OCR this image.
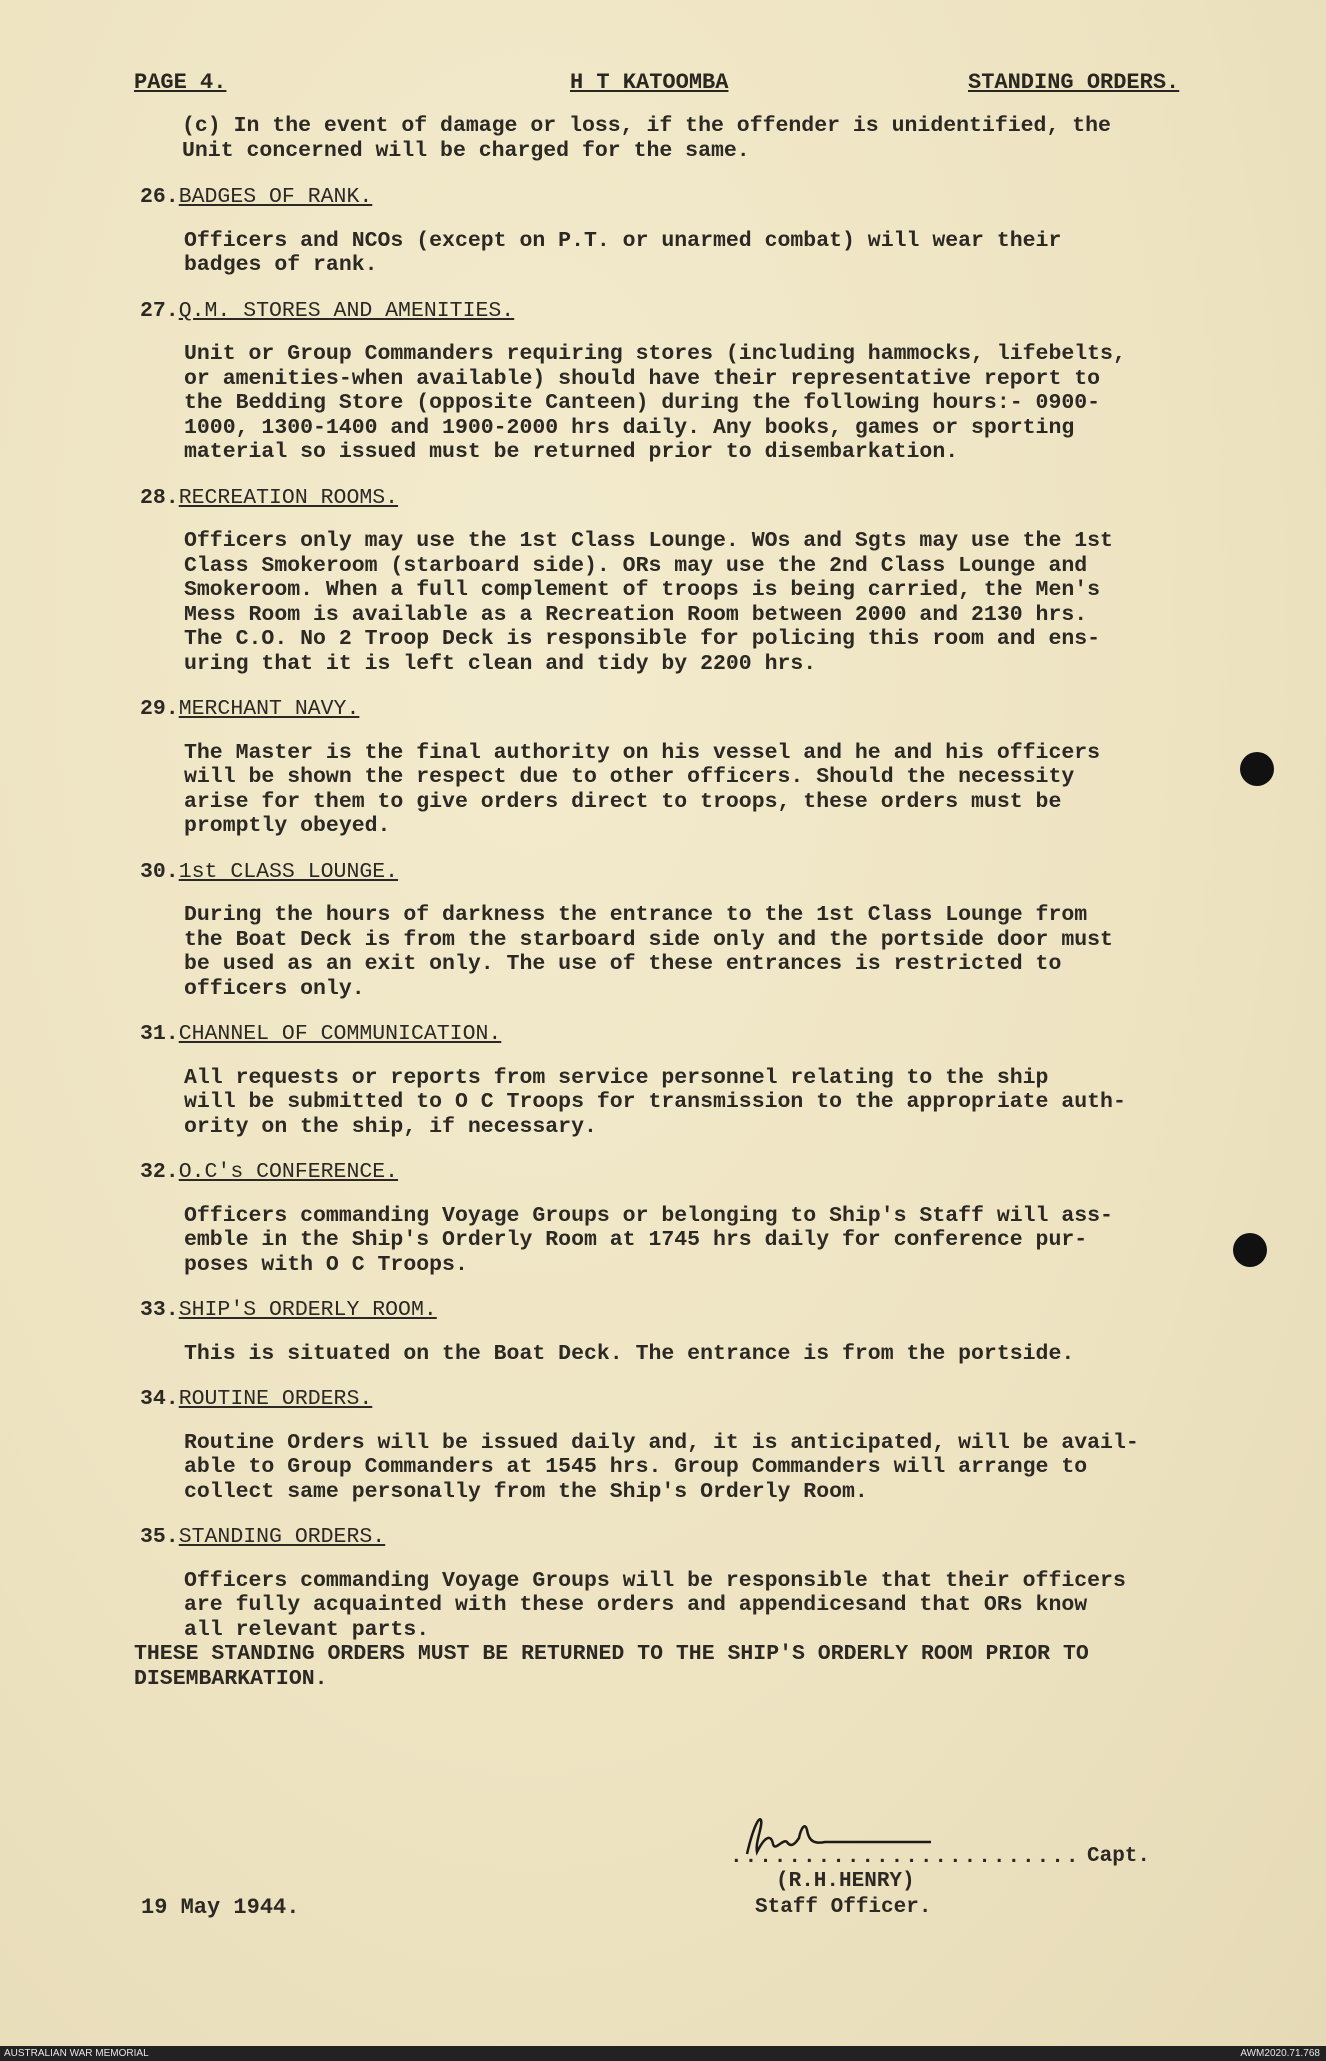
PAGE 4.	H T KATOOMBA	STANDING ORDERS.
(c) In the event of damage or loss, if the offender is unidentified, the
Unit concerned will be charged for the same.
26.BADGES OF RANK.
Officers and NCOs (except on P.T. or unarmed combat) will wear their
badges of rank.
27.Q.M. STORES AND AMENITIES.
Unit or Group Commanders requiring stores (including hammocks, lifebelts,
or amenities-when available) should have their representative report to
the Bedding Store (opposite Canteen) during the following hours:- 0900-
1000, 1300-1400 and 1900-2000 hrs daily. Any books, games or sporting
material so issued must be returned prior to disembarkation.
28.RECREATION ROOMS.
Officers only may use the 1st Class Lounge. WOs and Sgts may use the 1st
Class Smokeroom (starboard side). ORs may use the 2nd Class Lounge and
Smokeroom. When a full complement of troops is being carried, the Men's
Mess Room is available as a Recreation Room between 2000 and 2130 hrs.
The C.O. No 2 Troop Deck is responsible for policing this room and ens-
uring that it is left clean and tidy by 2200 hrs.
29.MERCHANT NAVY.
The Master is the final authority on his vessel and he and his officers
will be shown the respect due to other officers. Should the necessity
arise for them to give orders direct to troops, these orders must be
promptly obeyed.
30.1st CLASS LOUNGE.
During the hours of darkness the entrance to the 1st Class Lounge from
the Boat Deck is from the starboard side only and the portside door must
be used as an exit only. The use of these entrances is restricted to
officers only.
31.CHANNEL OF COMMUNICATION.
All requests or reports from service personnel relating to the ship
will be submitted to O C Troops for transmission to the appropriate auth-
ority on the ship, if necessary.
32.O.C's CONFERENCE.
Officers commanding Voyage Groups or belonging to Ship's Staff will ass-
emble in the Ship's Orderly Room at 1745 hrs daily for conference pur-
poses with O C Troops.
33.SHIP'S ORDERLY ROOM.
This is situated on the Boat Deck. The entrance is from the portside.
34.ROUTINE ORDERS.
Routine Orders will be issued daily and, it is anticipated, will be avail-
able to Group Commanders at 1545 hrs. Group Commanders will arrange to
collect same personally from the Ship's Orderly Room.
35.STANDING ORDERS.
Officers commanding Voyage Groups will be responsible that their officers
are fully acquainted with these orders and appendicesand that ORs know
all relevant parts.
THESE STANDING ORDERS MUST BE RETURNED TO THE SHIP'S ORDERLY ROOM PRIOR TO
DISEMBARKATION.
........................ Capt.
(R.H.HENRY)
Staff Officer.
19 May 1944.
AUSTRALIAN WAR MEMORIAL	AWM2020.71.768
